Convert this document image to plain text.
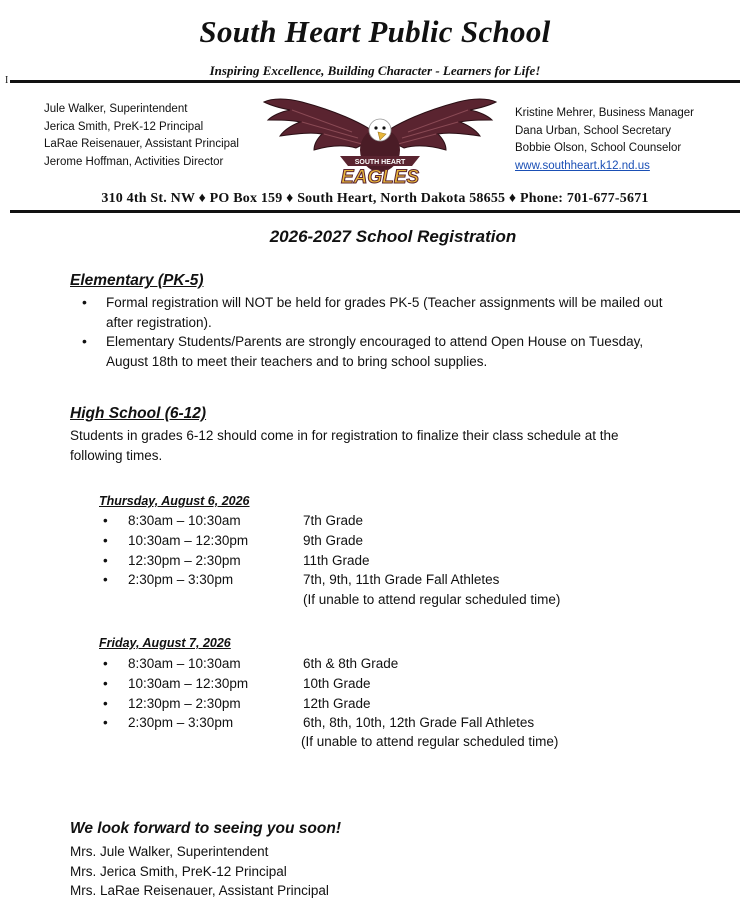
South Heart Public School
Inspiring Excellence, Building Character - Learners for Life!
I
Jule Walker, Superintendent
Jerica Smith, PreK-12 Principal
LaRae Reisenauer, Assistant Principal
Jerome Hoffman, Activities Director	SOUTH HEART
EAGLES
Kristine Mehrer, Business Manager
Dana Urban, School Secretary
Bobbie Olson, School Counselor
www.southheart.k12.nd.us
310 4th St. NW ♦ PO Box 159 ♦ South Heart, North Dakota 58655 ♦ Phone: 701-677-5671
2026-2027 School Registration
Elementary (PK-5)
• Formal registration will NOT be held for grades PK-5 (Teacher assignments will be mailed out after registration).
• Elementary Students/Parents are strongly encouraged to attend Open House on Tuesday, August 18th to meet their teachers and to bring school supplies.
High School (6-12)
Students in grades 6-12 should come in for registration to finalize their class schedule at the following times.
Thursday, August 6, 2026
• 8:30am – 10:30am	7th Grade
• 10:30am – 12:30pm	9th Grade
• 12:30pm – 2:30pm	11th Grade
• 2:30pm – 3:30pm	7th, 9th, 11th Grade Fall Athletes
(If unable to attend regular scheduled time)
Friday, August 7, 2026
• 8:30am – 10:30am	6th & 8th Grade
• 10:30am – 12:30pm	10th Grade
• 12:30pm – 2:30pm	12th Grade
• 2:30pm – 3:30pm	6th, 8th, 10th, 12th Grade Fall Athletes
(If unable to attend regular scheduled time)
We look forward to seeing you soon!
Mrs. Jule Walker, Superintendent
Mrs. Jerica Smith, PreK-12 Principal
Mrs. LaRae Reisenauer, Assistant Principal
